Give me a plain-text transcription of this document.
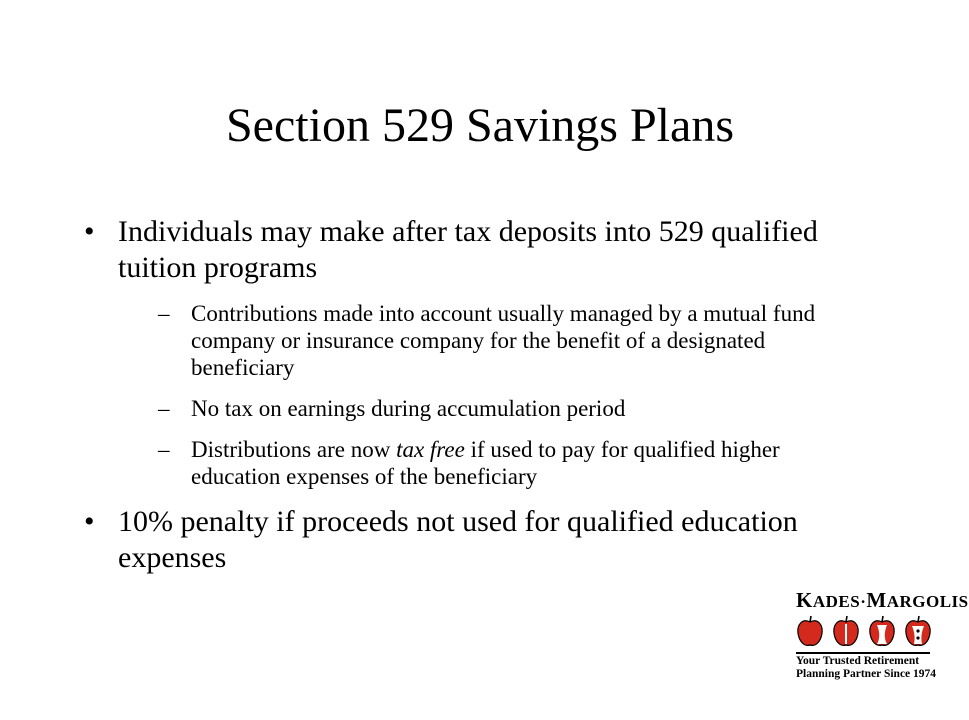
Section 529 Savings Plans
• Individuals may make after tax deposits into 529 qualified tuition programs
– Contributions made into account usually managed by a mutual fund company or insurance company for the benefit of a designated beneficiary
– No tax on earnings during accumulation period
– Distributions are now tax free if used to pay for qualified higher education expenses of the beneficiary
• 10% penalty if proceeds not used for qualified education expenses
KADES·MARGOLIS
Your Trusted Retirement
Planning Partner Since 1974
